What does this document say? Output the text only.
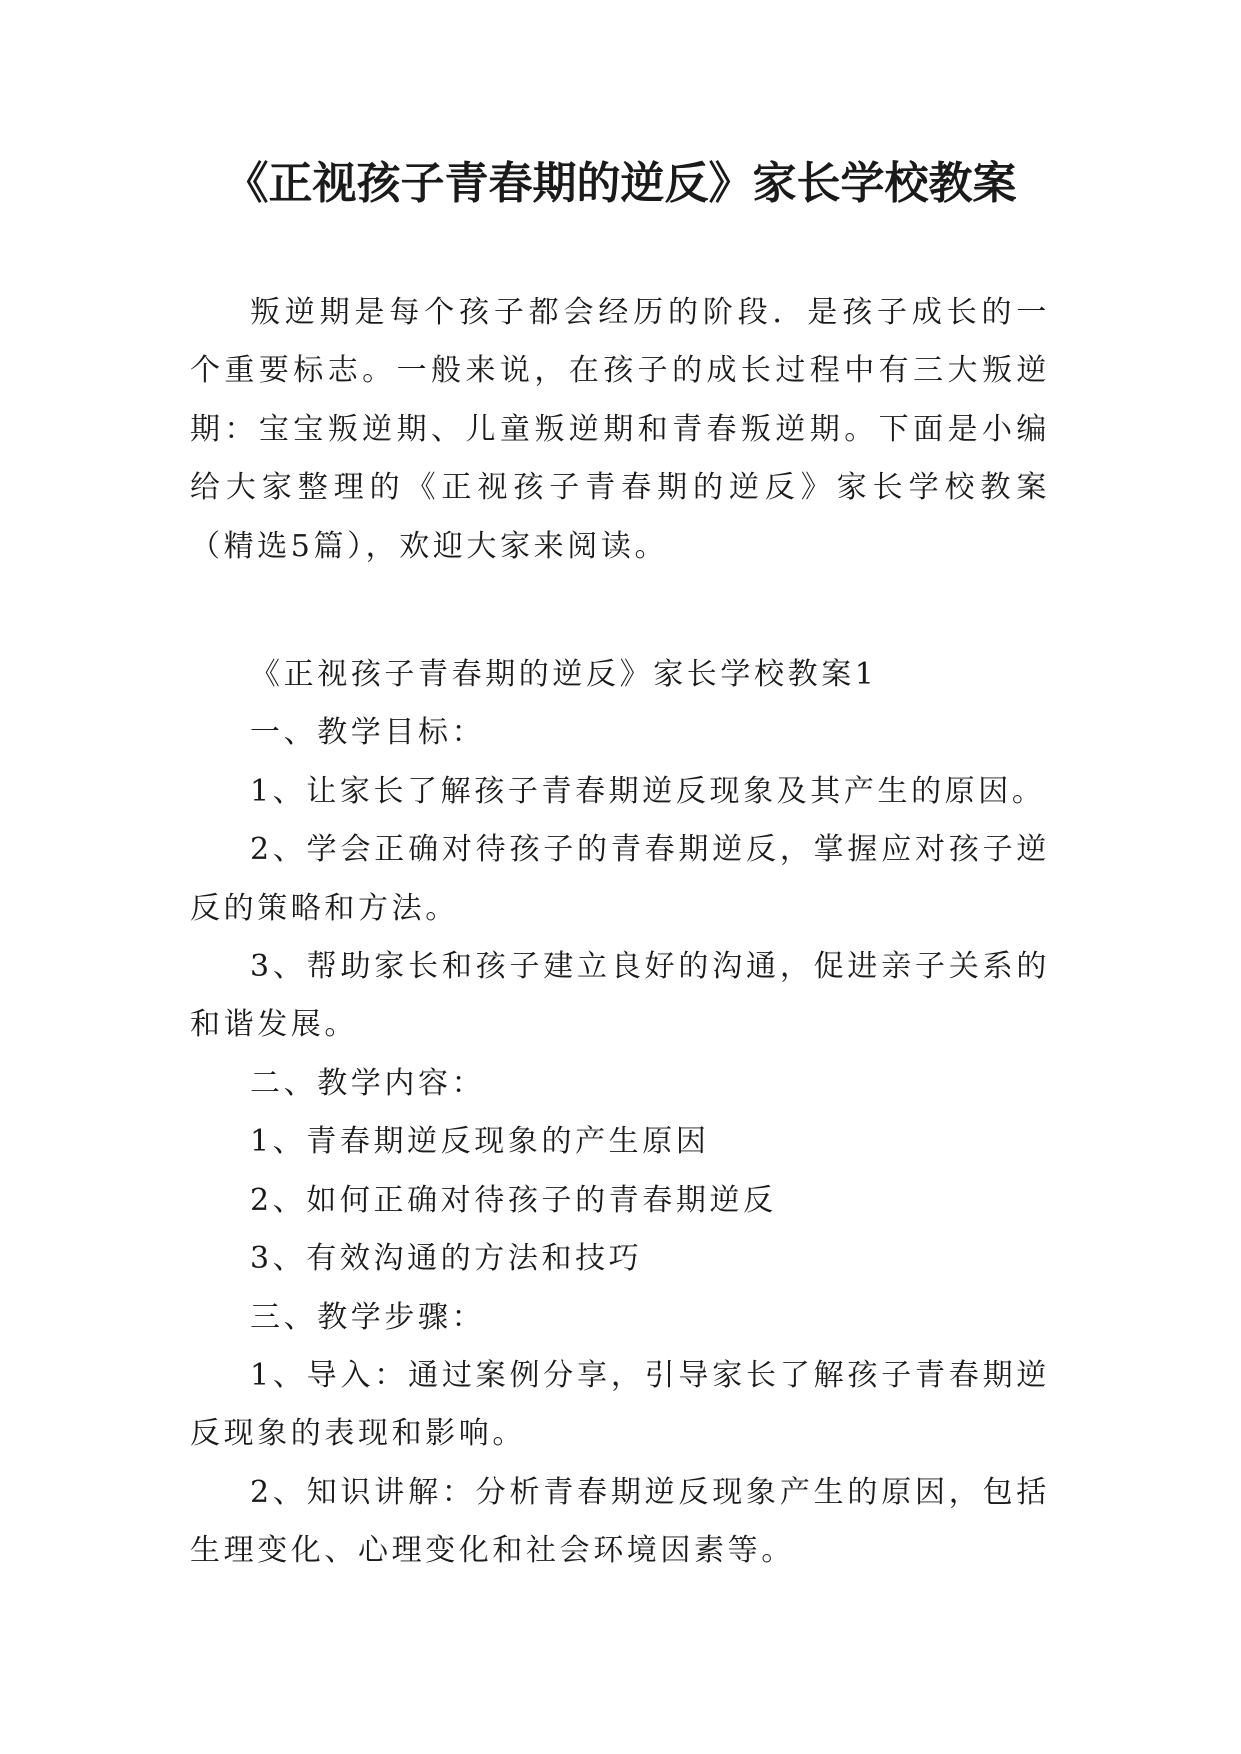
《正视孩子青春期的逆反》家长学校教案

叛逆期是每个孩子都会经历的阶段．是孩子成长的一个重要标志。一般来说，在孩子的成长过程中有三大叛逆期：宝宝叛逆期、儿童叛逆期和青春叛逆期。下面是小编给大家整理的《正视孩子青春期的逆反》家长学校教案（精选5篇），欢迎大家来阅读。

《正视孩子青春期的逆反》家长学校教案1

一、教学目标：

1、让家长了解孩子青春期逆反现象及其产生的原因。

2、学会正确对待孩子的青春期逆反，掌握应对孩子逆反的策略和方法。

3、帮助家长和孩子建立良好的沟通，促进亲子关系的和谐发展。

二、教学内容：

1、青春期逆反现象的产生原因

2、如何正确对待孩子的青春期逆反

3、有效沟通的方法和技巧

三、教学步骤：

1、导入：通过案例分享，引导家长了解孩子青春期逆反现象的表现和影响。

2、知识讲解：分析青春期逆反现象产生的原因，包括生理变化、心理变化和社会环境因素等。
